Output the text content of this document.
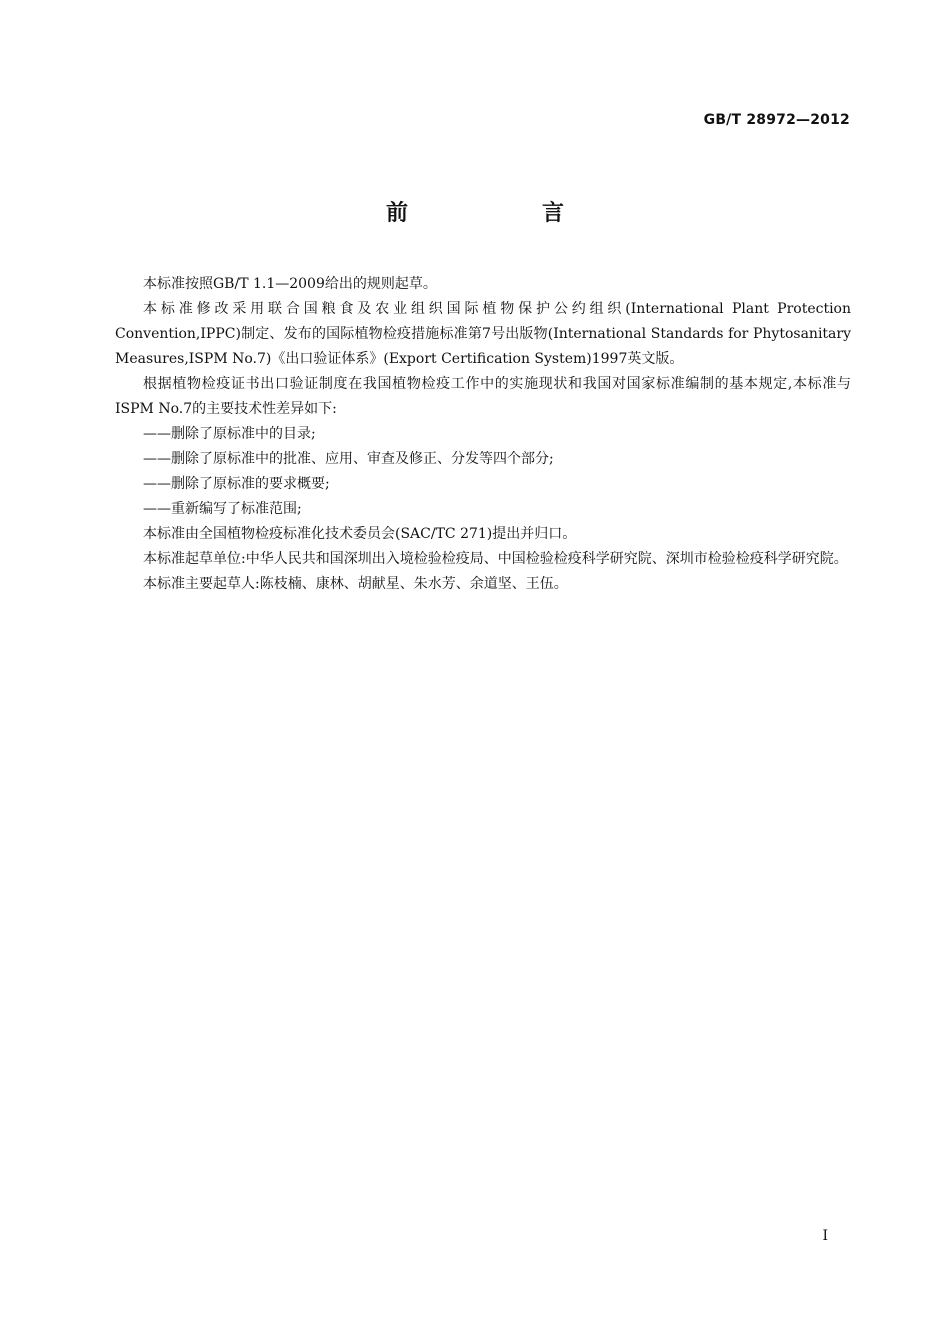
GB/T 28972—2012
前　言

本标准按照GB/T 1.1—2009给出的规则起草。

本标准修改采用联合国粮食及农业组织国际植物保护公约组织(International Plant Protection Convention,IPPC)制定、发布的国际植物检疫措施标准第7号出版物(International Standards for Phytosanitary Measures,ISPM No.7)《出口验证体系》(Export Certification System)1997英文版。

根据植物检疫证书出口验证制度在我国植物检疫工作中的实施现状和我国对国家标准编制的基本规定,本标准与ISPM No.7的主要技术性差异如下:

——删除了原标准中的目录;

——删除了原标准中的批准、应用、审查及修正、分发等四个部分;

——删除了原标准的要求概要;

——重新编写了标准范围;

本标准由全国植物检疫标准化技术委员会(SAC/TC 271)提出并归口。

本标准起草单位:中华人民共和国深圳出入境检验检疫局、中国检验检疫科学研究院、深圳市检验检疫科学研究院。

本标准主要起草人:陈枝楠、康林、胡献星、朱水芳、余道坚、王伍。

I
